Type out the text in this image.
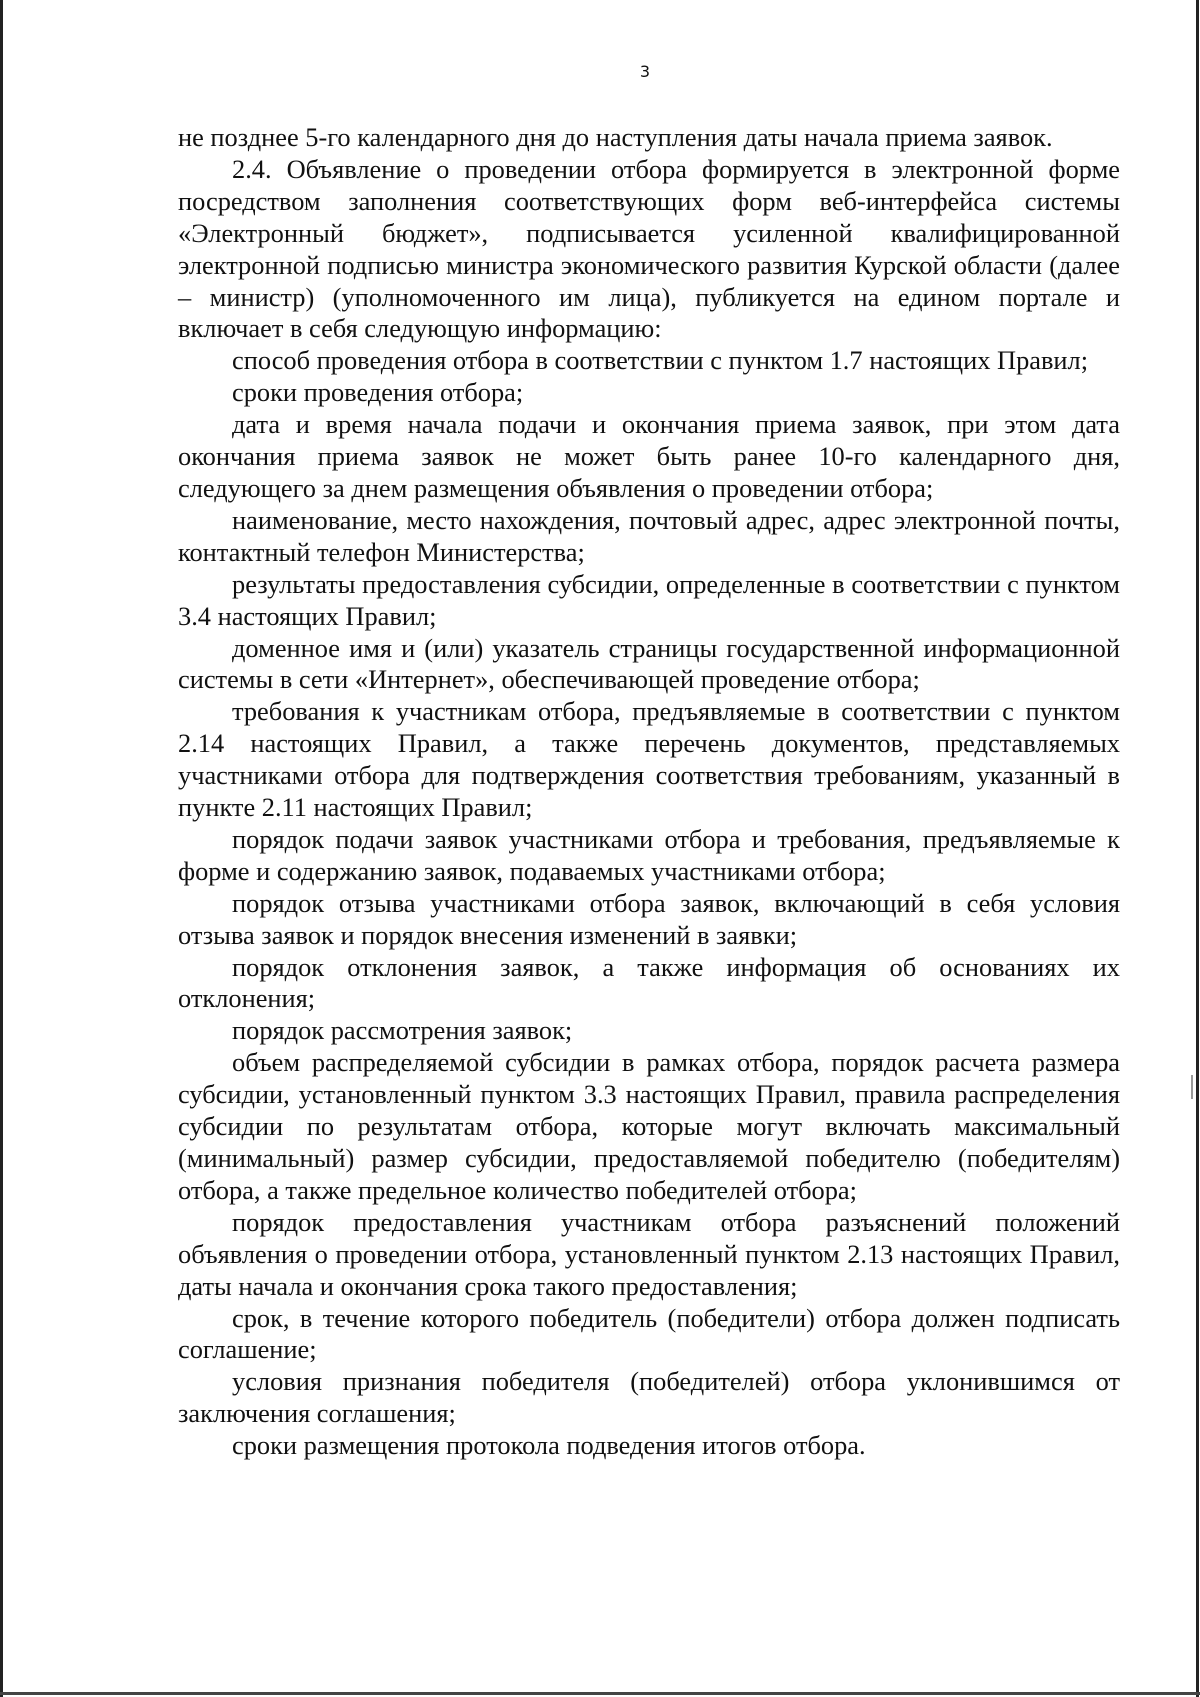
3

не позднее 5-го календарного дня до наступления даты начала приема заявок.

2.4. Объявление о проведении отбора формируется в электронной форме посредством заполнения соответствующих форм веб-интерфейса системы «Электронный бюджет», подписывается усиленной квалифицированной электронной подписью министра экономического развития Курской области (далее – министр) (уполномоченного им лица), публикуется на едином портале и включает в себя следующую информацию:

способ проведения отбора в соответствии с пунктом 1.7 настоящих Правил;

сроки проведения отбора;

дата и время начала подачи и окончания приема заявок, при этом дата окончания приема заявок не может быть ранее 10-го календарного дня, следующего за днем размещения объявления о проведении отбора;

наименование, место нахождения, почтовый адрес, адрес электронной почты, контактный телефон Министерства;

результаты предоставления субсидии, определенные в соответствии с пунктом 3.4 настоящих Правил;

доменное имя и (или) указатель страницы государственной информационной системы в сети «Интернет», обеспечивающей проведение отбора;

требования к участникам отбора, предъявляемые в соответствии с пунктом 2.14 настоящих Правил, а также перечень документов, представляемых участниками отбора для подтверждения соответствия требованиям, указанный в пункте 2.11 настоящих Правил;

порядок подачи заявок участниками отбора и требования, предъявляемые к форме и содержанию заявок, подаваемых участниками отбора;

порядок отзыва участниками отбора заявок, включающий в себя условия отзыва заявок и порядок внесения изменений в заявки;

порядок отклонения заявок, а также информация об основаниях их отклонения;

порядок рассмотрения заявок;

объем распределяемой субсидии в рамках отбора, порядок расчета размера субсидии, установленный пунктом 3.3 настоящих Правил, правила распределения субсидии по результатам отбора, которые могут включать максимальный (минимальный) размер субсидии, предоставляемой победителю (победителям) отбора, а также предельное количество победителей отбора;

порядок предоставления участникам отбора разъяснений положений объявления о проведении отбора, установленный пунктом 2.13 настоящих Правил, даты начала и окончания срока такого предоставления;

срок, в течение которого победитель (победители) отбора должен подписать соглашение;

условия признания победителя (победителей) отбора уклонившимся от заключения соглашения;

сроки размещения протокола подведения итогов отбора.
